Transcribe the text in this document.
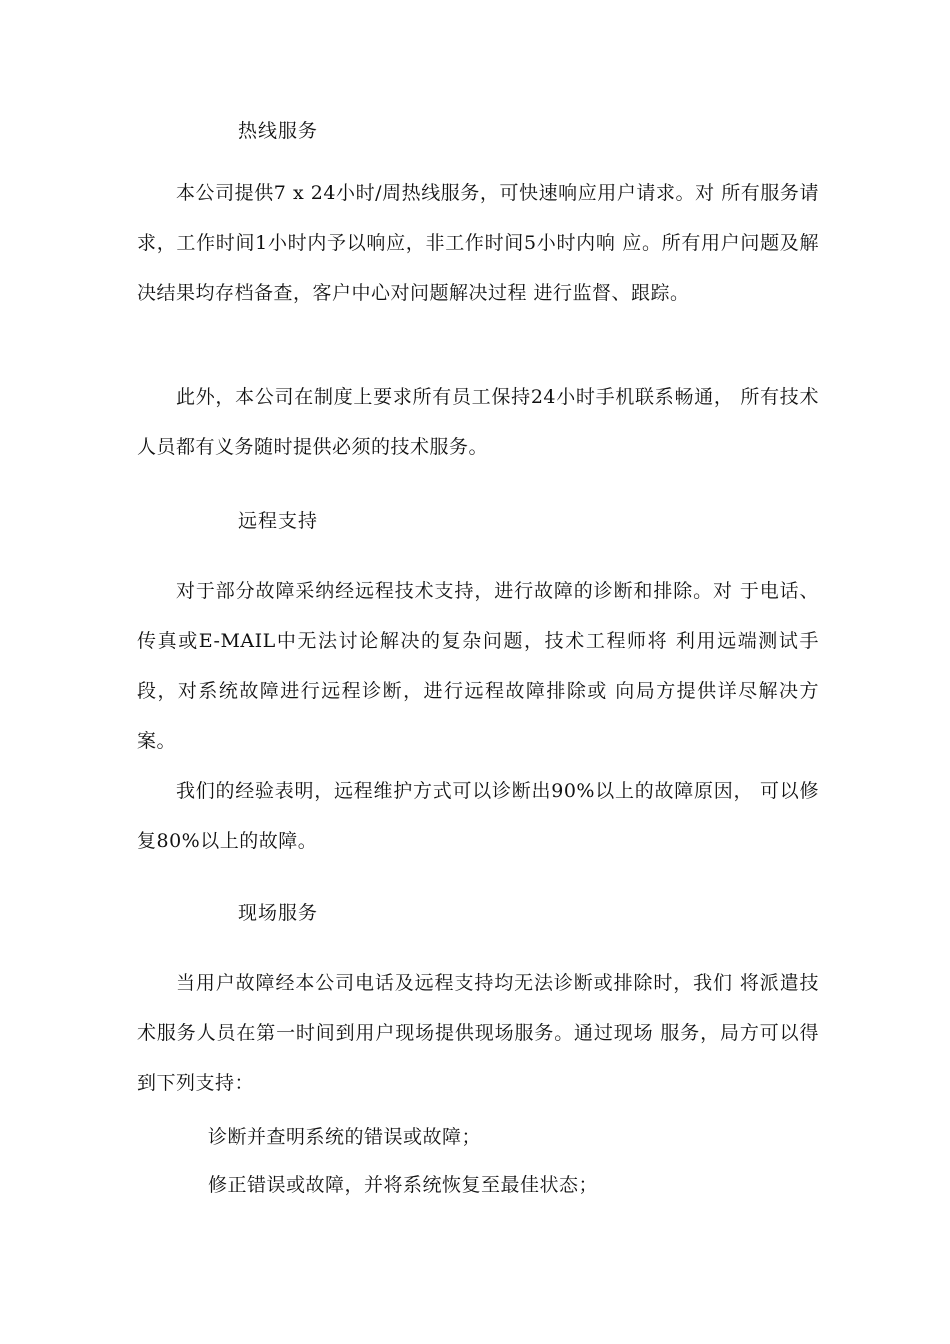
热线服务
本公司提供7 x 24小时/周热线服务，可快速响应用户请求。对 所有服务请求，工作时间1小时内予以响应，非工作时间5小时内响 应。所有用户问题及解决结果均存档备查，客户中心对问题解决过程 进行监督、跟踪。
此外，本公司在制度上要求所有员工保持24小时手机联系畅通， 所有技术人员都有义务随时提供必须的技术服务。
远程支持
对于部分故障采纳经远程技术支持，进行故障的诊断和排除。对 于电话、传真或E-MAIL中无法讨论解决的复杂问题，技术工程师将 利用远端测试手段，对系统故障进行远程诊断，进行远程故障排除或 向局方提供详尽解决方案。
我们的经验表明，远程维护方式可以诊断出90%以上的故障原因， 可以修复80%以上的故障。
现场服务
当用户故障经本公司电话及远程支持均无法诊断或排除时，我们 将派遣技术服务人员在第一时间到用户现场提供现场服务。通过现场 服务，局方可以得到下列支持：
诊断并查明系统的错误或故障；
修正错误或故障，并将系统恢复至最佳状态；
